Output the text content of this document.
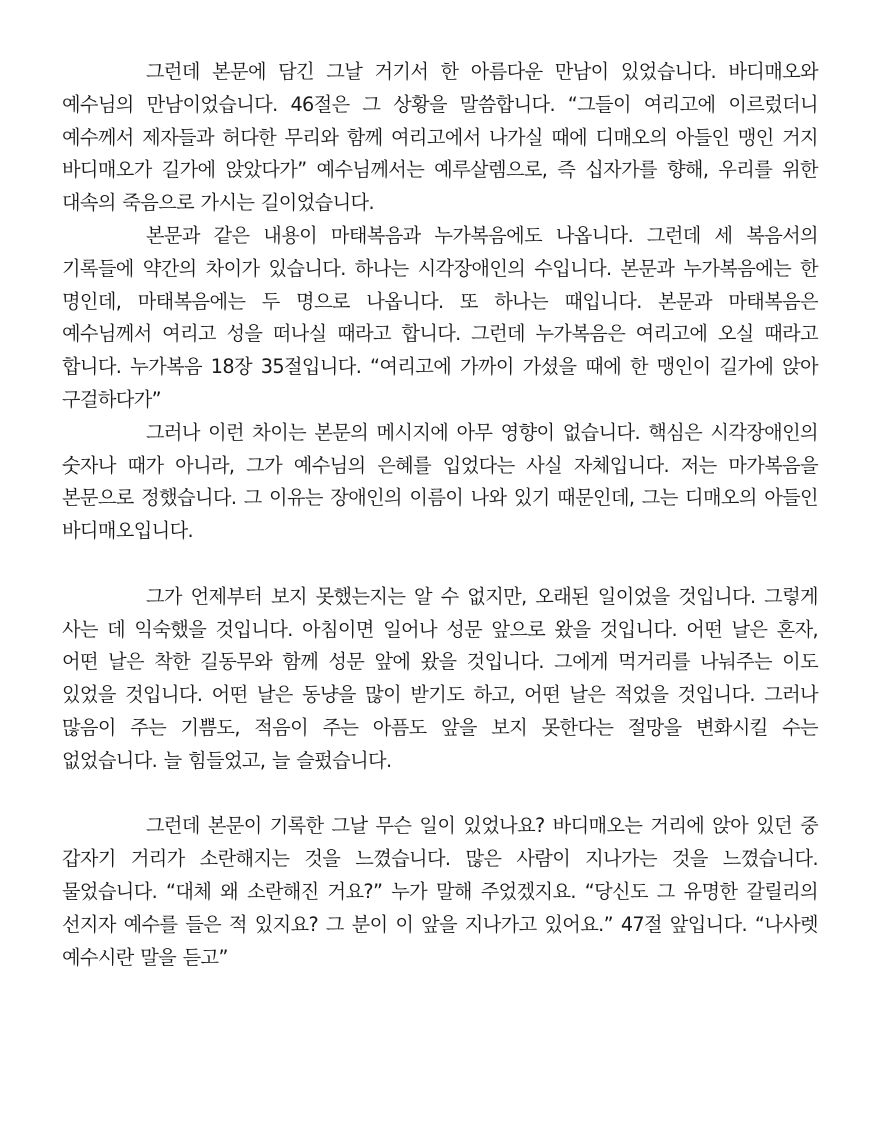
그런데 본문에 담긴 그날 거기서 한 아름다운 만남이 있었습니다. 바디매오와 예수님의 만남이었습니다. 46절은 그 상황을 말씀합니다. “그들이 여리고에 이르렀더니 예수께서 제자들과 허다한 무리와 함께 여리고에서 나가실 때에 디매오의 아들인 맹인 거지 바디매오가 길가에 앉았다가” 예수님께서는 예루살렘으로, 즉 십자가를 향해, 우리를 위한 대속의 죽음으로 가시는 길이었습니다.

본문과 같은 내용이 마태복음과 누가복음에도 나옵니다. 그런데 세 복음서의 기록들에 약간의 차이가 있습니다. 하나는 시각장애인의 수입니다. 본문과 누가복음에는 한 명인데, 마태복음에는 두 명으로 나옵니다. 또 하나는 때입니다. 본문과 마태복음은 예수님께서 여리고 성을 떠나실 때라고 합니다. 그런데 누가복음은 여리고에 오실 때라고 합니다. 누가복음 18장 35절입니다. “여리고에 가까이 가셨을 때에 한 맹인이 길가에 앉아 구걸하다가”

그러나 이런 차이는 본문의 메시지에 아무 영향이 없습니다. 핵심은 시각장애인의 숫자나 때가 아니라, 그가 예수님의 은혜를 입었다는 사실 자체입니다. 저는 마가복음을 본문으로 정했습니다. 그 이유는 장애인의 이름이 나와 있기 때문인데, 그는 디매오의 아들인 바디매오입니다.

그가 언제부터 보지 못했는지는 알 수 없지만, 오래된 일이었을 것입니다. 그렇게 사는 데 익숙했을 것입니다. 아침이면 일어나 성문 앞으로 왔을 것입니다. 어떤 날은 혼자, 어떤 날은 착한 길동무와 함께 성문 앞에 왔을 것입니다. 그에게 먹거리를 나눠주는 이도 있었을 것입니다. 어떤 날은 동냥을 많이 받기도 하고, 어떤 날은 적었을 것입니다. 그러나 많음이 주는 기쁨도, 적음이 주는 아픔도 앞을 보지 못한다는 절망을 변화시킬 수는 없었습니다. 늘 힘들었고, 늘 슬펐습니다.

그런데 본문이 기록한 그날 무슨 일이 있었나요? 바디매오는 거리에 앉아 있던 중 갑자기 거리가 소란해지는 것을 느꼈습니다. 많은 사람이 지나가는 것을 느꼈습니다. 물었습니다. “대체 왜 소란해진 거요?” 누가 말해 주었겠지요. “당신도 그 유명한 갈릴리의 선지자 예수를 들은 적 있지요? 그 분이 이 앞을 지나가고 있어요.” 47절 앞입니다. “나사렛 예수시란 말을 듣고”
